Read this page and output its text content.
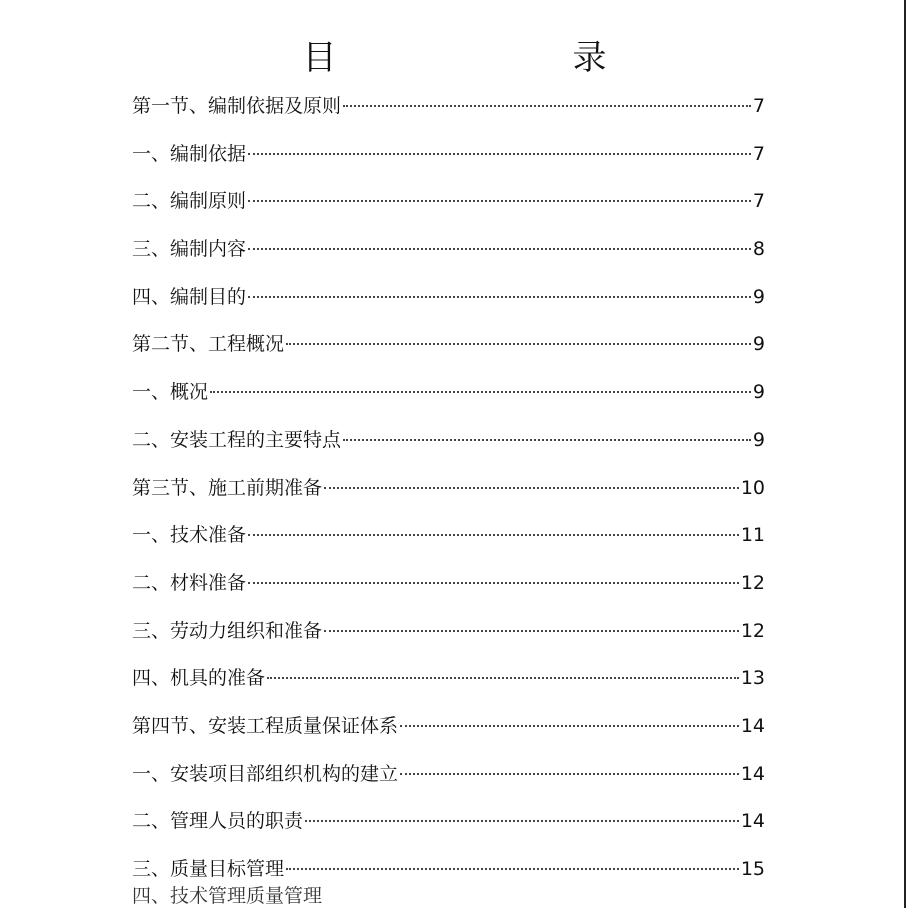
目　　录
第一节、编制依据及原则	7
一、编制依据	7
二、编制原则	7
三、编制内容	8
四、编制目的	9
第二节、工程概况	9
一、概况	9
二、安装工程的主要特点	9
第三节、施工前期准备	10
一、技术准备	11
二、材料准备	12
三、劳动力组织和准备	12
四、机具的准备	13
第四节、安装工程质量保证体系	14
一、安装项目部组织机构的建立	14
二、管理人员的职责	14
三、质量目标管理	15
四、技术管理质量管理
